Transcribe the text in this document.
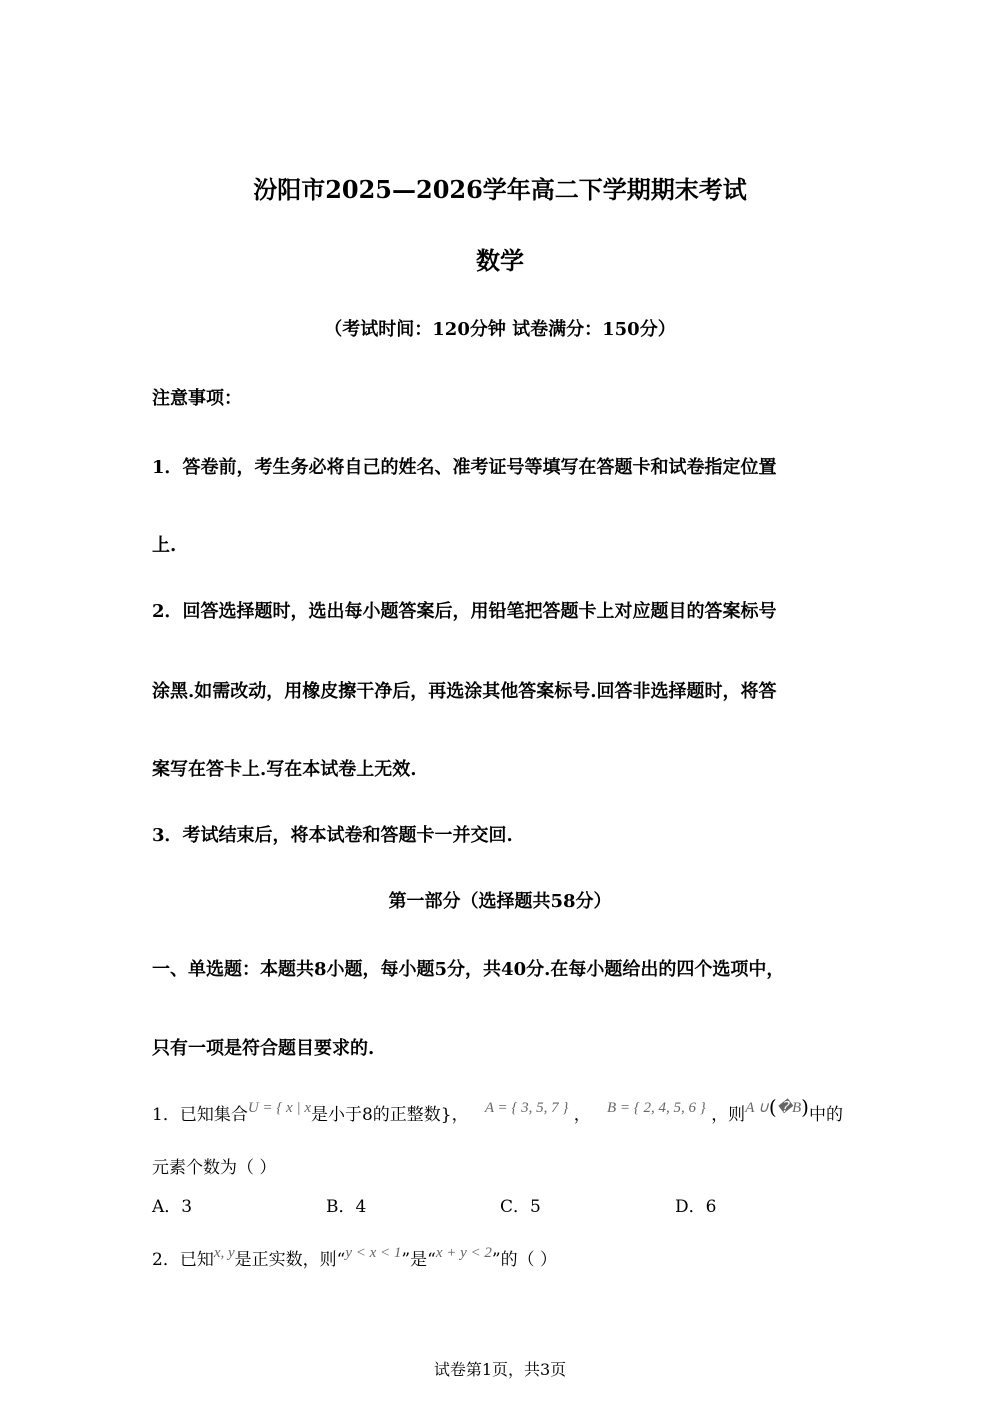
汾阳市2025—2026学年高二下学期期末考试
数学
（考试时间：120分钟 试卷满分：150分）
注意事项：
1．答卷前，考生务必将自己的姓名、准考证号等填写在答题卡和试卷指定位置
上.
2．回答选择题时，选出每小题答案后，用铅笔把答题卡上对应题目的答案标号
涂黑.如需改动，用橡皮擦干净后，再选涂其他答案标号.回答非选择题时，将答
案写在答卡上.写在本试卷上无效.
3．考试结束后，将本试卷和答题卡一并交回.
第一部分（选择题共58分）
一、单选题：本题共8小题，每小题5分，共40分.在每小题给出的四个选项中，
只有一项是符合题目要求的.
1．已知集合U = { x | x是小于8的正整数}， A = { 3, 5, 7 } ， B = { 2, 4, 5, 6 } ，则A ∪(�B)中的
元素个数为（ ）
A．3	B．4	C．5	D．6
2．已知x, y是正实数，则“y < x < 1”是“x + y < 2”的（ ）
试卷第1页，共3页
